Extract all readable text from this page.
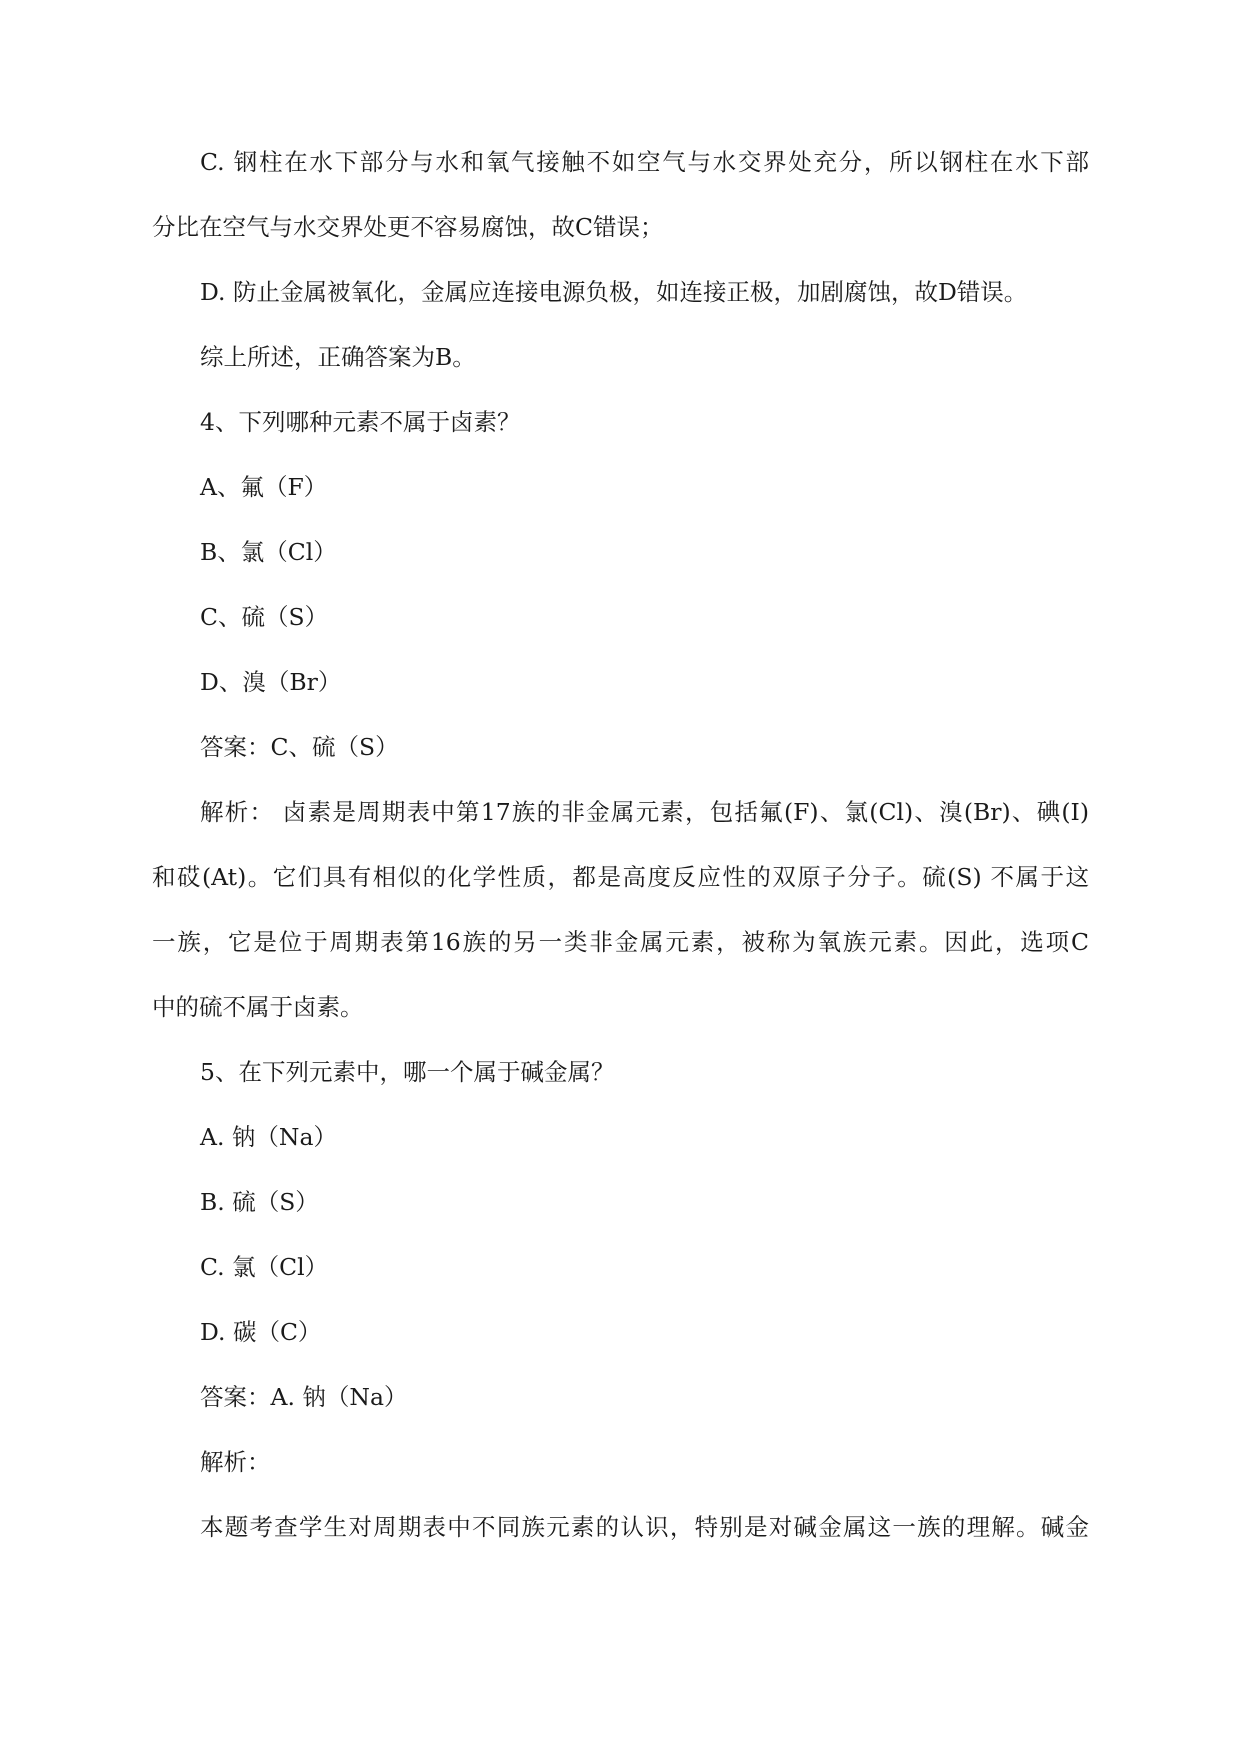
C. 钢柱在水下部分与水和氧气接触不如空气与水交界处充分，所以钢柱在水下部
分比在空气与水交界处更不容易腐蚀，故C错误；
D. 防止金属被氧化，金属应连接电源负极，如连接正极，加剧腐蚀，故D错误。
综上所述，正确答案为B。
4、下列哪种元素不属于卤素？
A、氟（F）
B、氯（Cl）
C、硫（S）
D、溴（Br）
答案：C、硫（S）
解析： 卤素是周期表中第17族的非金属元素，包括氟(F)、氯(Cl)、溴(Br)、碘(I)
和砹(At)。它们具有相似的化学性质，都是高度反应性的双原子分子。硫(S) 不属于这
一族，它是位于周期表第16族的另一类非金属元素，被称为氧族元素。因此，选项C
中的硫不属于卤素。
5、在下列元素中，哪一个属于碱金属？
A. 钠（Na）
B. 硫（S）
C. 氯（Cl）
D. 碳（C）
答案：A. 钠（Na）
解析：
本题考查学生对周期表中不同族元素的认识，特别是对碱金属这一族的理解。碱金
